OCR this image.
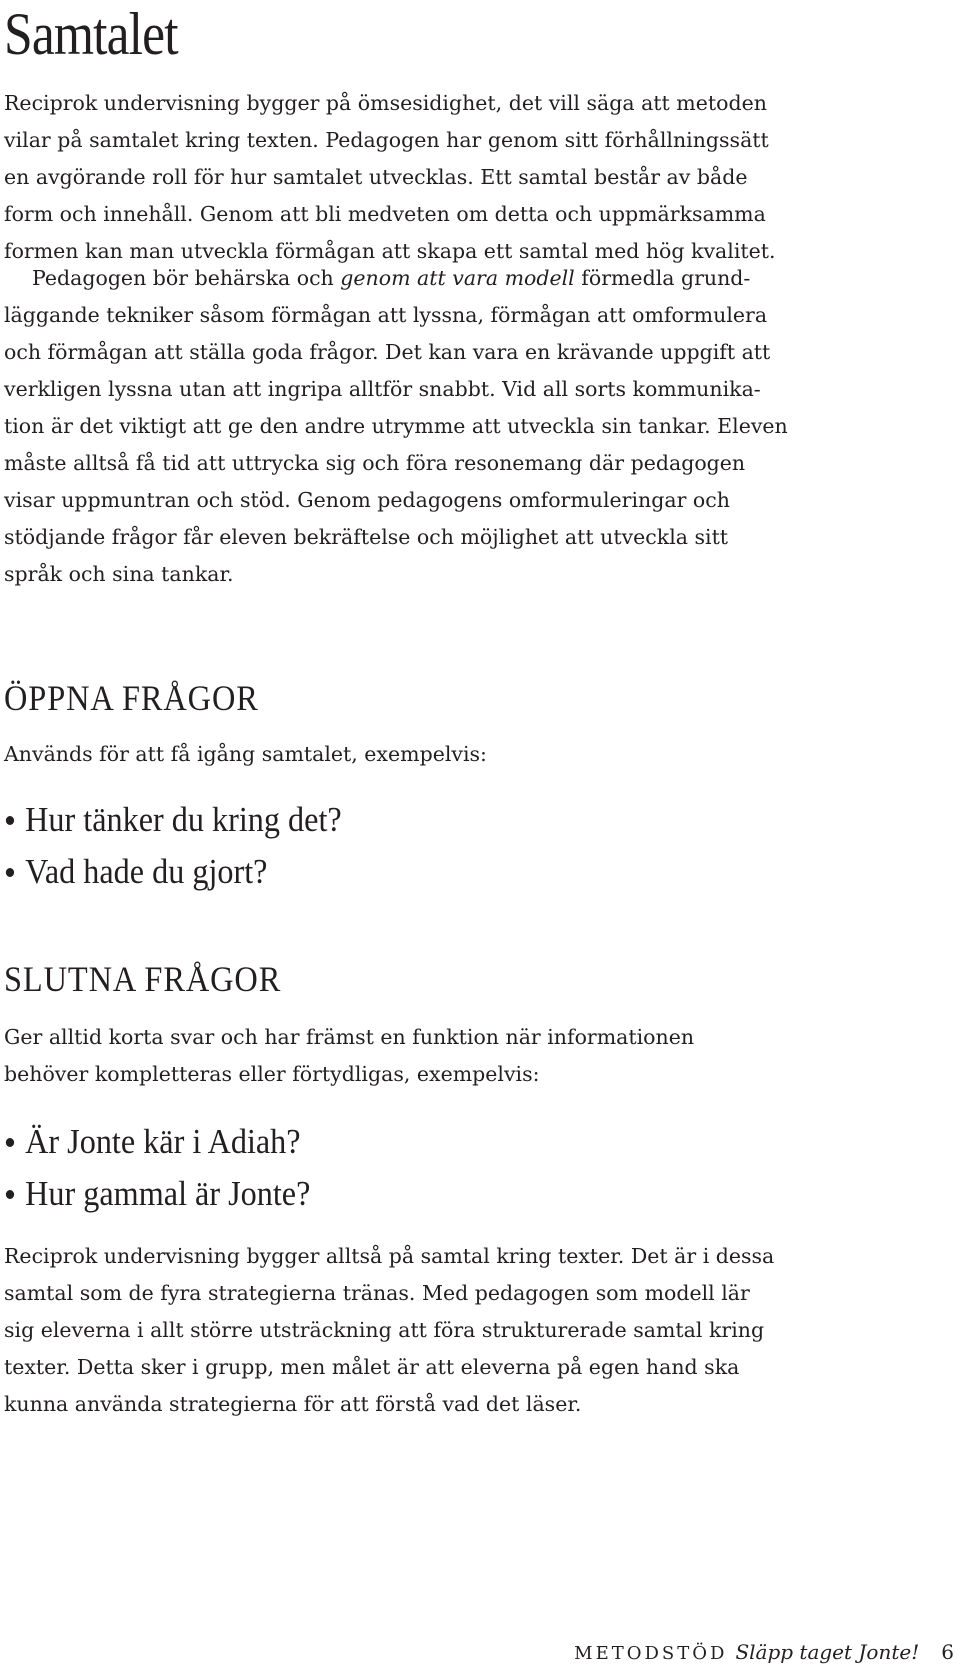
Samtalet
Reciprok undervisning bygger på ömsesidighet, det vill säga att metoden
vilar på samtalet kring texten. Pedagogen har genom sitt förhållningssätt
en avgörande roll för hur samtalet utvecklas. Ett samtal består av både
form och innehåll. Genom att bli medveten om detta och uppmärksamma
formen kan man utveckla förmågan att skapa ett samtal med hög kvalitet.
Pedagogen bör behärska och genom att vara modell förmedla grund-
läggande tekniker såsom förmågan att lyssna, förmågan att omformulera
och förmågan att ställa goda frågor. Det kan vara en krävande uppgift att
verkligen lyssna utan att ingripa alltför snabbt. Vid all sorts kommunika-
tion är det viktigt att ge den andre utrymme att utveckla sin tankar. Eleven
måste alltså få tid att uttrycka sig och föra resonemang där pedagogen
visar uppmuntran och stöd. Genom pedagogens omformuleringar och
stödjande frågor får eleven bekräftelse och möjlighet att utveckla sitt
språk och sina tankar.
ÖPPNA FRÅGOR

Används för att få igång samtalet, exempelvis:

Hur tänker du kring det?
Vad hade du gjort?
SLUTNA FRÅGOR
Ger alltid korta svar och har främst en funktion när informationen
behöver kompletteras eller förtydligas, exempelvis:
Är Jonte kär i Adiah?
Hur gammal är Jonte?
Reciprok undervisning bygger alltså på samtal kring texter. Det är i dessa
samtal som de fyra strategierna tränas. Med pedagogen som modell lär
sig eleverna i allt större utsträckning att föra strukturerade samtal kring
texter. Detta sker i grupp, men målet är att eleverna på egen hand ska
kunna använda strategierna för att förstå vad det läser.
METODSTÖD Släpp taget Jonte! 6
